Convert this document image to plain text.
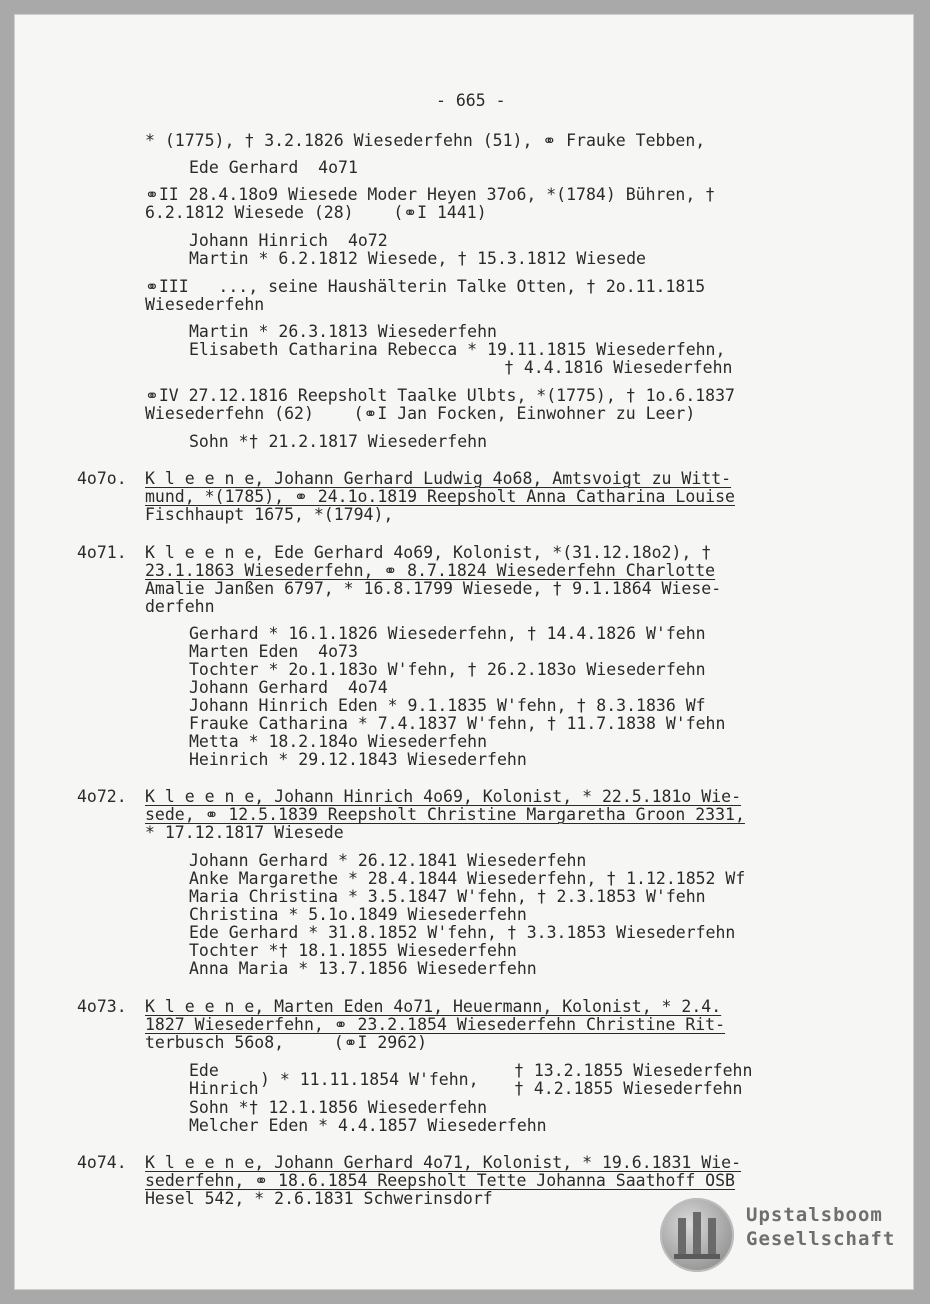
- 665 -
* (1775), † 3.2.1826 Wiesederfehn (51), ⚭ Frauke Tebben,
Ede Gerhard  4o71
⚭II 28.4.18o9 Wiesede Moder Heyen 37o6, *(1784) Bühren, †
6.2.1812 Wiesede (28)    (⚭I 1441)
Johann Hinrich  4o72
Martin * 6.2.1812 Wiesede, † 15.3.1812 Wiesede
⚭III   ..., seine Haushälterin Talke Otten, † 2o.11.1815
Wiesederfehn
Martin * 26.3.1813 Wiesederfehn
Elisabeth Catharina Rebecca * 19.11.1815 Wiesederfehn,
† 4.4.1816 Wiesederfehn
⚭IV 27.12.1816 Reepsholt Taalke Ulbts, *(1775), † 1o.6.1837
Wiesederfehn (62)    (⚭I Jan Focken, Einwohner zu Leer)
Sohn *† 21.2.1817 Wiesederfehn
4o7o. K l e e n e, Johann Gerhard Ludwig 4o68, Amtsvoigt zu Witt-
mund, *(1785), ⚭ 24.1o.1819 Reepsholt Anna Catharina Louise
Fischhaupt 1675, *(1794),
4o71. K l e e n e, Ede Gerhard 4o69, Kolonist, *(31.12.18o2), †
23.1.1863 Wiesederfehn, ⚭ 8.7.1824 Wiesederfehn Charlotte
Amalie Janßen 6797, * 16.8.1799 Wiesede, † 9.1.1864 Wiese-
derfehn
Gerhard * 16.1.1826 Wiesederfehn, † 14.4.1826 W'fehn
Marten Eden  4o73
Tochter * 2o.1.183o W'fehn, † 26.2.183o Wiesederfehn
Johann Gerhard  4o74
Johann Hinrich Eden * 9.1.1835 W'fehn, † 8.3.1836 Wf
Frauke Catharina * 7.4.1837 W'fehn, † 11.7.1838 W'fehn
Metta * 18.2.184o Wiesederfehn
Heinrich * 29.12.1843 Wiesederfehn
4o72. K l e e n e, Johann Hinrich 4o69, Kolonist, * 22.5.181o Wie-
sede, ⚭ 12.5.1839 Reepsholt Christine Margaretha Groon 2331,
* 17.12.1817 Wiesede
Johann Gerhard * 26.12.1841 Wiesederfehn
Anke Margarethe * 28.4.1844 Wiesederfehn, † 1.12.1852 Wf
Maria Christina * 3.5.1847 W'fehn, † 2.3.1853 W'fehn
Christina * 5.1o.1849 Wiesederfehn
Ede Gerhard * 31.8.1852 W'fehn, † 3.3.1853 Wiesederfehn
Tochter *† 18.1.1855 Wiesederfehn
Anna Maria * 13.7.1856 Wiesederfehn
4o73. K l e e n e, Marten Eden 4o71, Heuermann, Kolonist, * 2.4.
1827 Wiesederfehn, ⚭ 23.2.1854 Wiesederfehn Christine Rit-
terbusch 56o8,     (⚭I 2962)
Ede
Hinrich ) * 11.11.1854 W'fehn, † 13.2.1855 Wiesederfehn
† 4.2.1855 Wiesederfehn
Sohn *† 12.1.1856 Wiesederfehn
Melcher Eden * 4.4.1857 Wiesederfehn
4o74. K l e e n e, Johann Gerhard 4o71, Kolonist, * 19.6.1831 Wie-
sederfehn, ⚭ 18.6.1854 Reepsholt Tette Johanna Saathoff OSB
Hesel 542, * 2.6.1831 Schwerinsdorf
Upstalsboom
Gesellschaft
